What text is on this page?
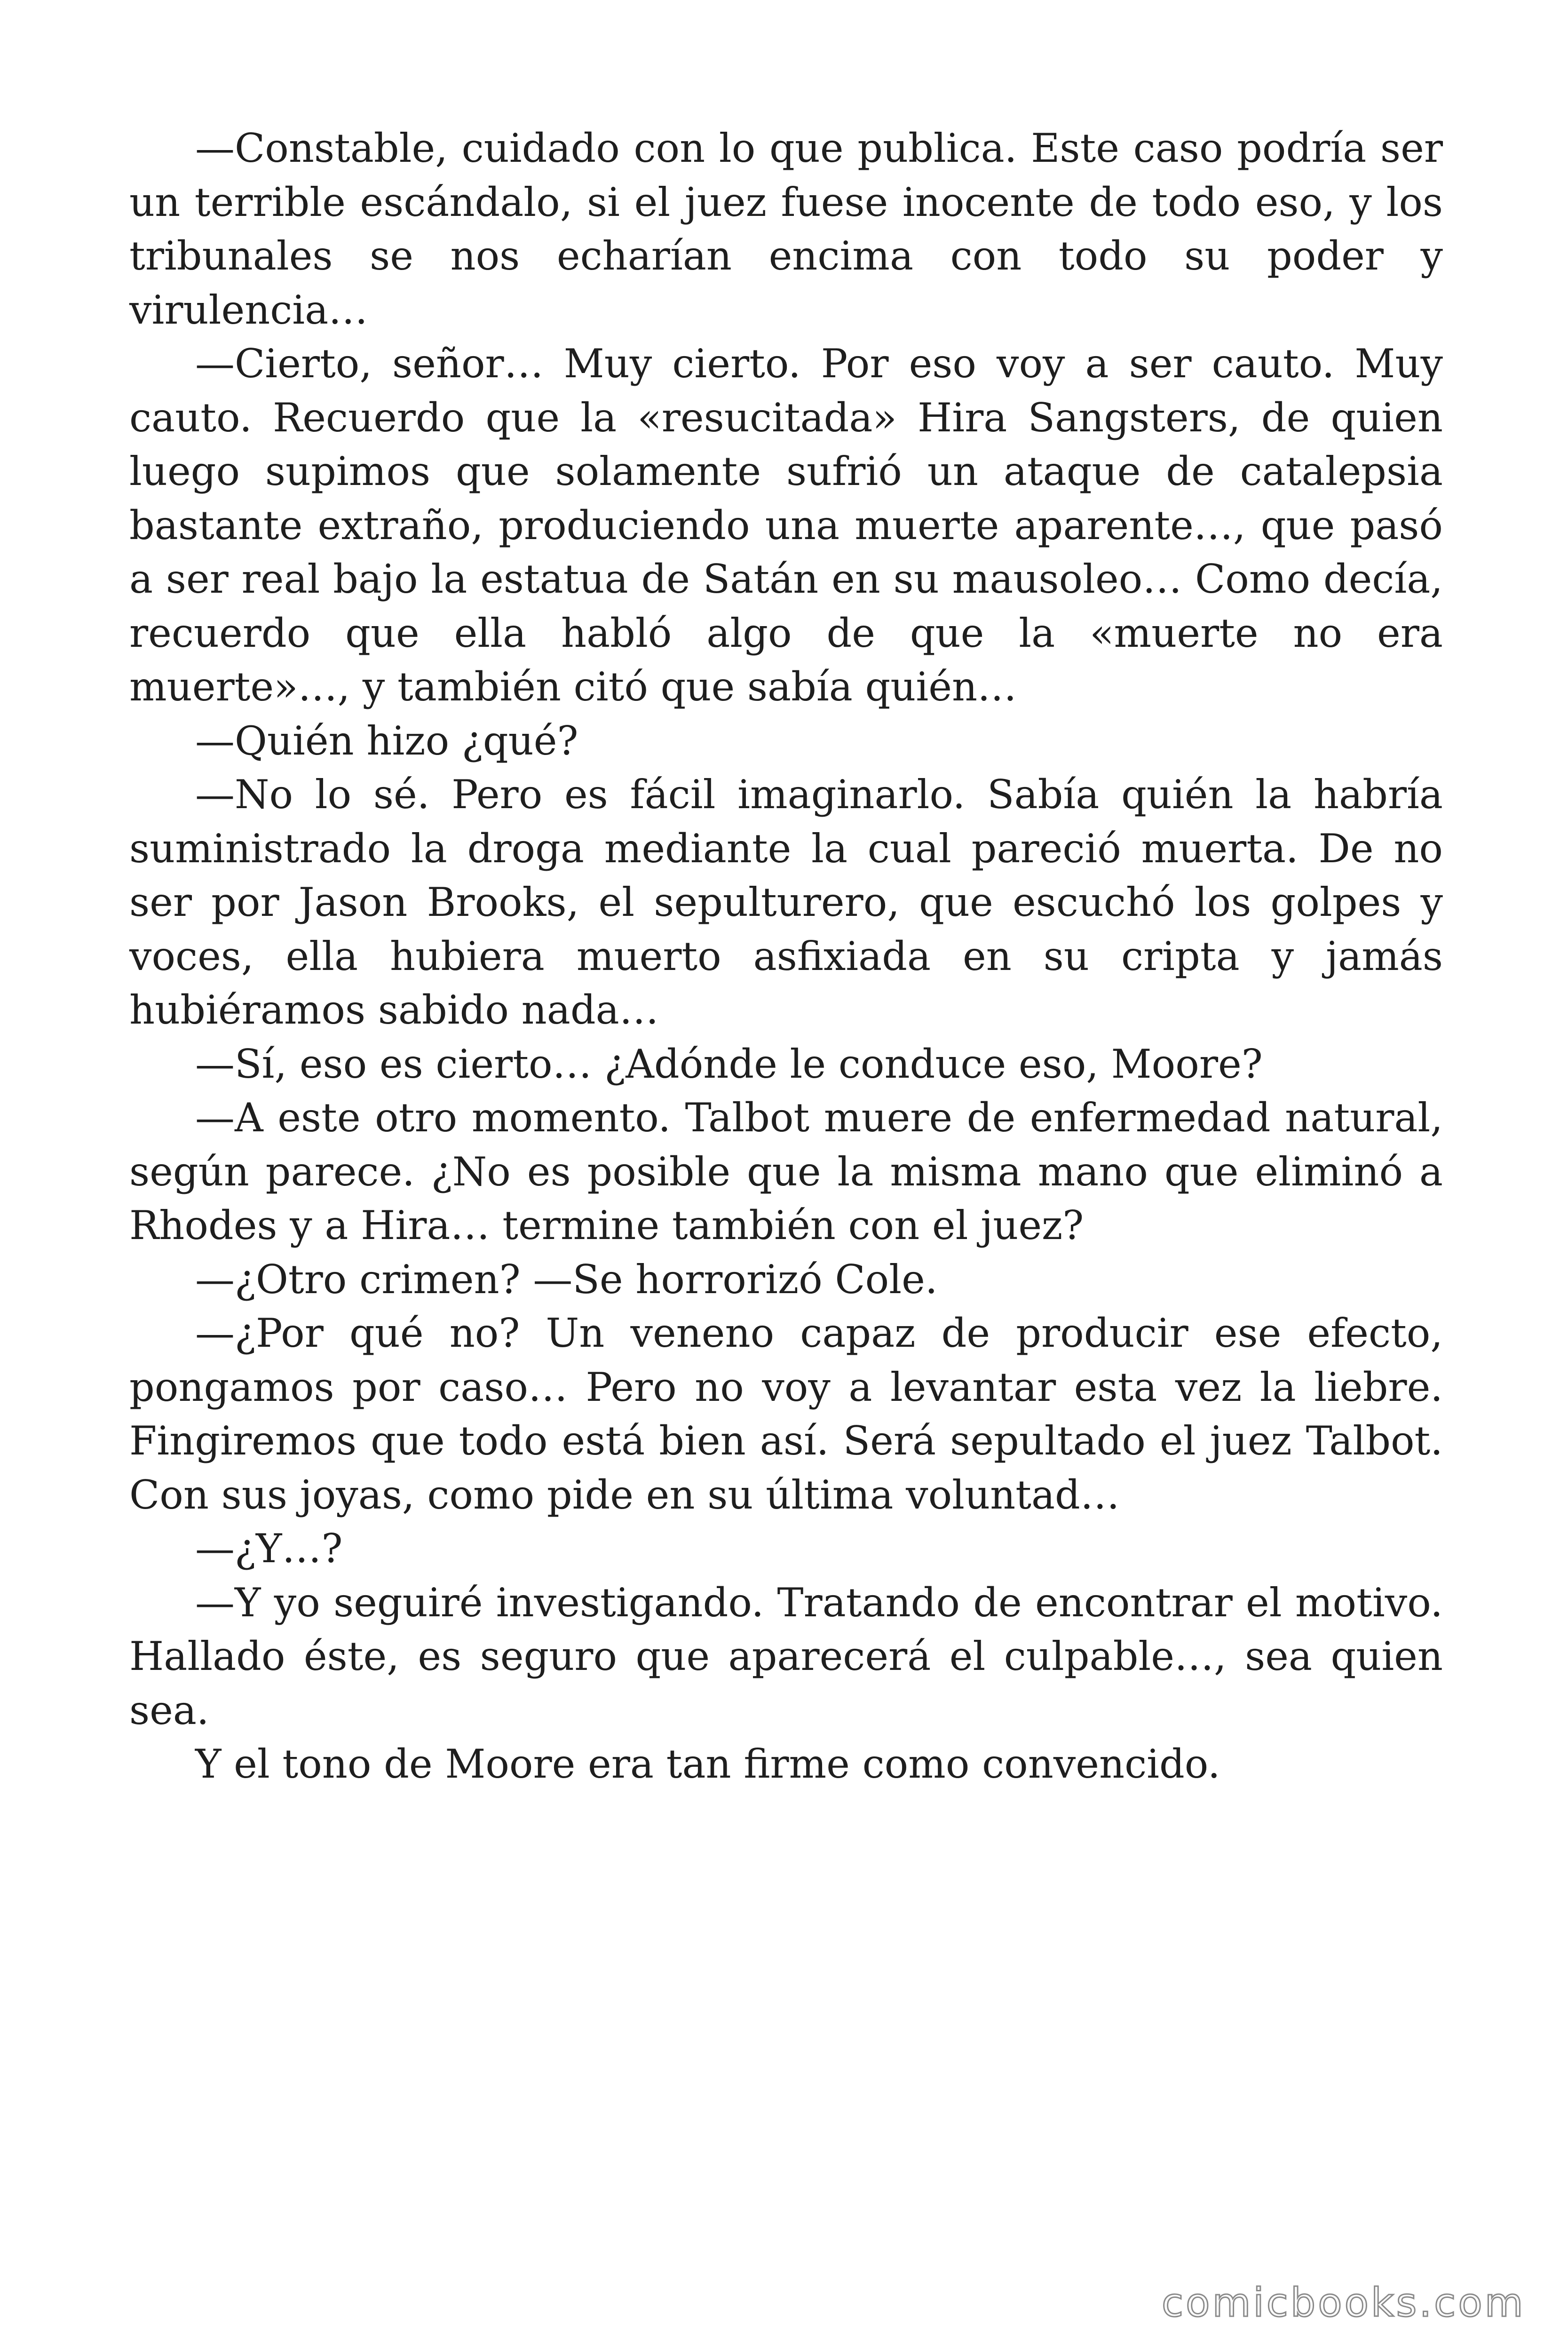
—Constable, cuidado con lo que publica. Este caso podría ser un terrible escándalo, si el juez fuese inocente de todo eso, y los tribunales se nos echarían encima con todo su poder y virulencia…

—Cierto, señor… Muy cierto. Por eso voy a ser cauto. Muy cauto. Recuerdo que la «resucitada» Hira Sangsters, de quien luego supimos que solamente sufrió un ataque de catalepsia bastante extraño, produciendo una muerte aparente…, que pasó a ser real bajo la estatua de Satán en su mausoleo… Como decía, recuerdo que ella habló algo de que la «muerte no era muerte»…, y también citó que sabía quién…

—Quién hizo ¿qué?

—No lo sé. Pero es fácil imaginarlo. Sabía quién la habría suministrado la droga mediante la cual pareció muerta. De no ser por Jason Brooks, el sepulturero, que escuchó los golpes y voces, ella hubiera muerto asfixiada en su cripta y jamás hubiéramos sabido nada…

—Sí, eso es cierto… ¿Adónde le conduce eso, Moore?

—A este otro momento. Talbot muere de enfermedad natural, según parece. ¿No es posible que la misma mano que eliminó a Rhodes y a Hira… termine también con el juez?

—¿Otro crimen? —Se horrorizó Cole.

—¿Por qué no? Un veneno capaz de producir ese efecto, pongamos por caso… Pero no voy a levantar esta vez la liebre. Fingiremos que todo está bien así. Será sepultado el juez Talbot. Con sus joyas, como pide en su última voluntad…

—¿Y…?

—Y yo seguiré investigando. Tratando de encontrar el motivo. Hallado éste, es seguro que aparecerá el culpable…, sea quien sea.

Y el tono de Moore era tan firme como convencido.

comicbooks.com
